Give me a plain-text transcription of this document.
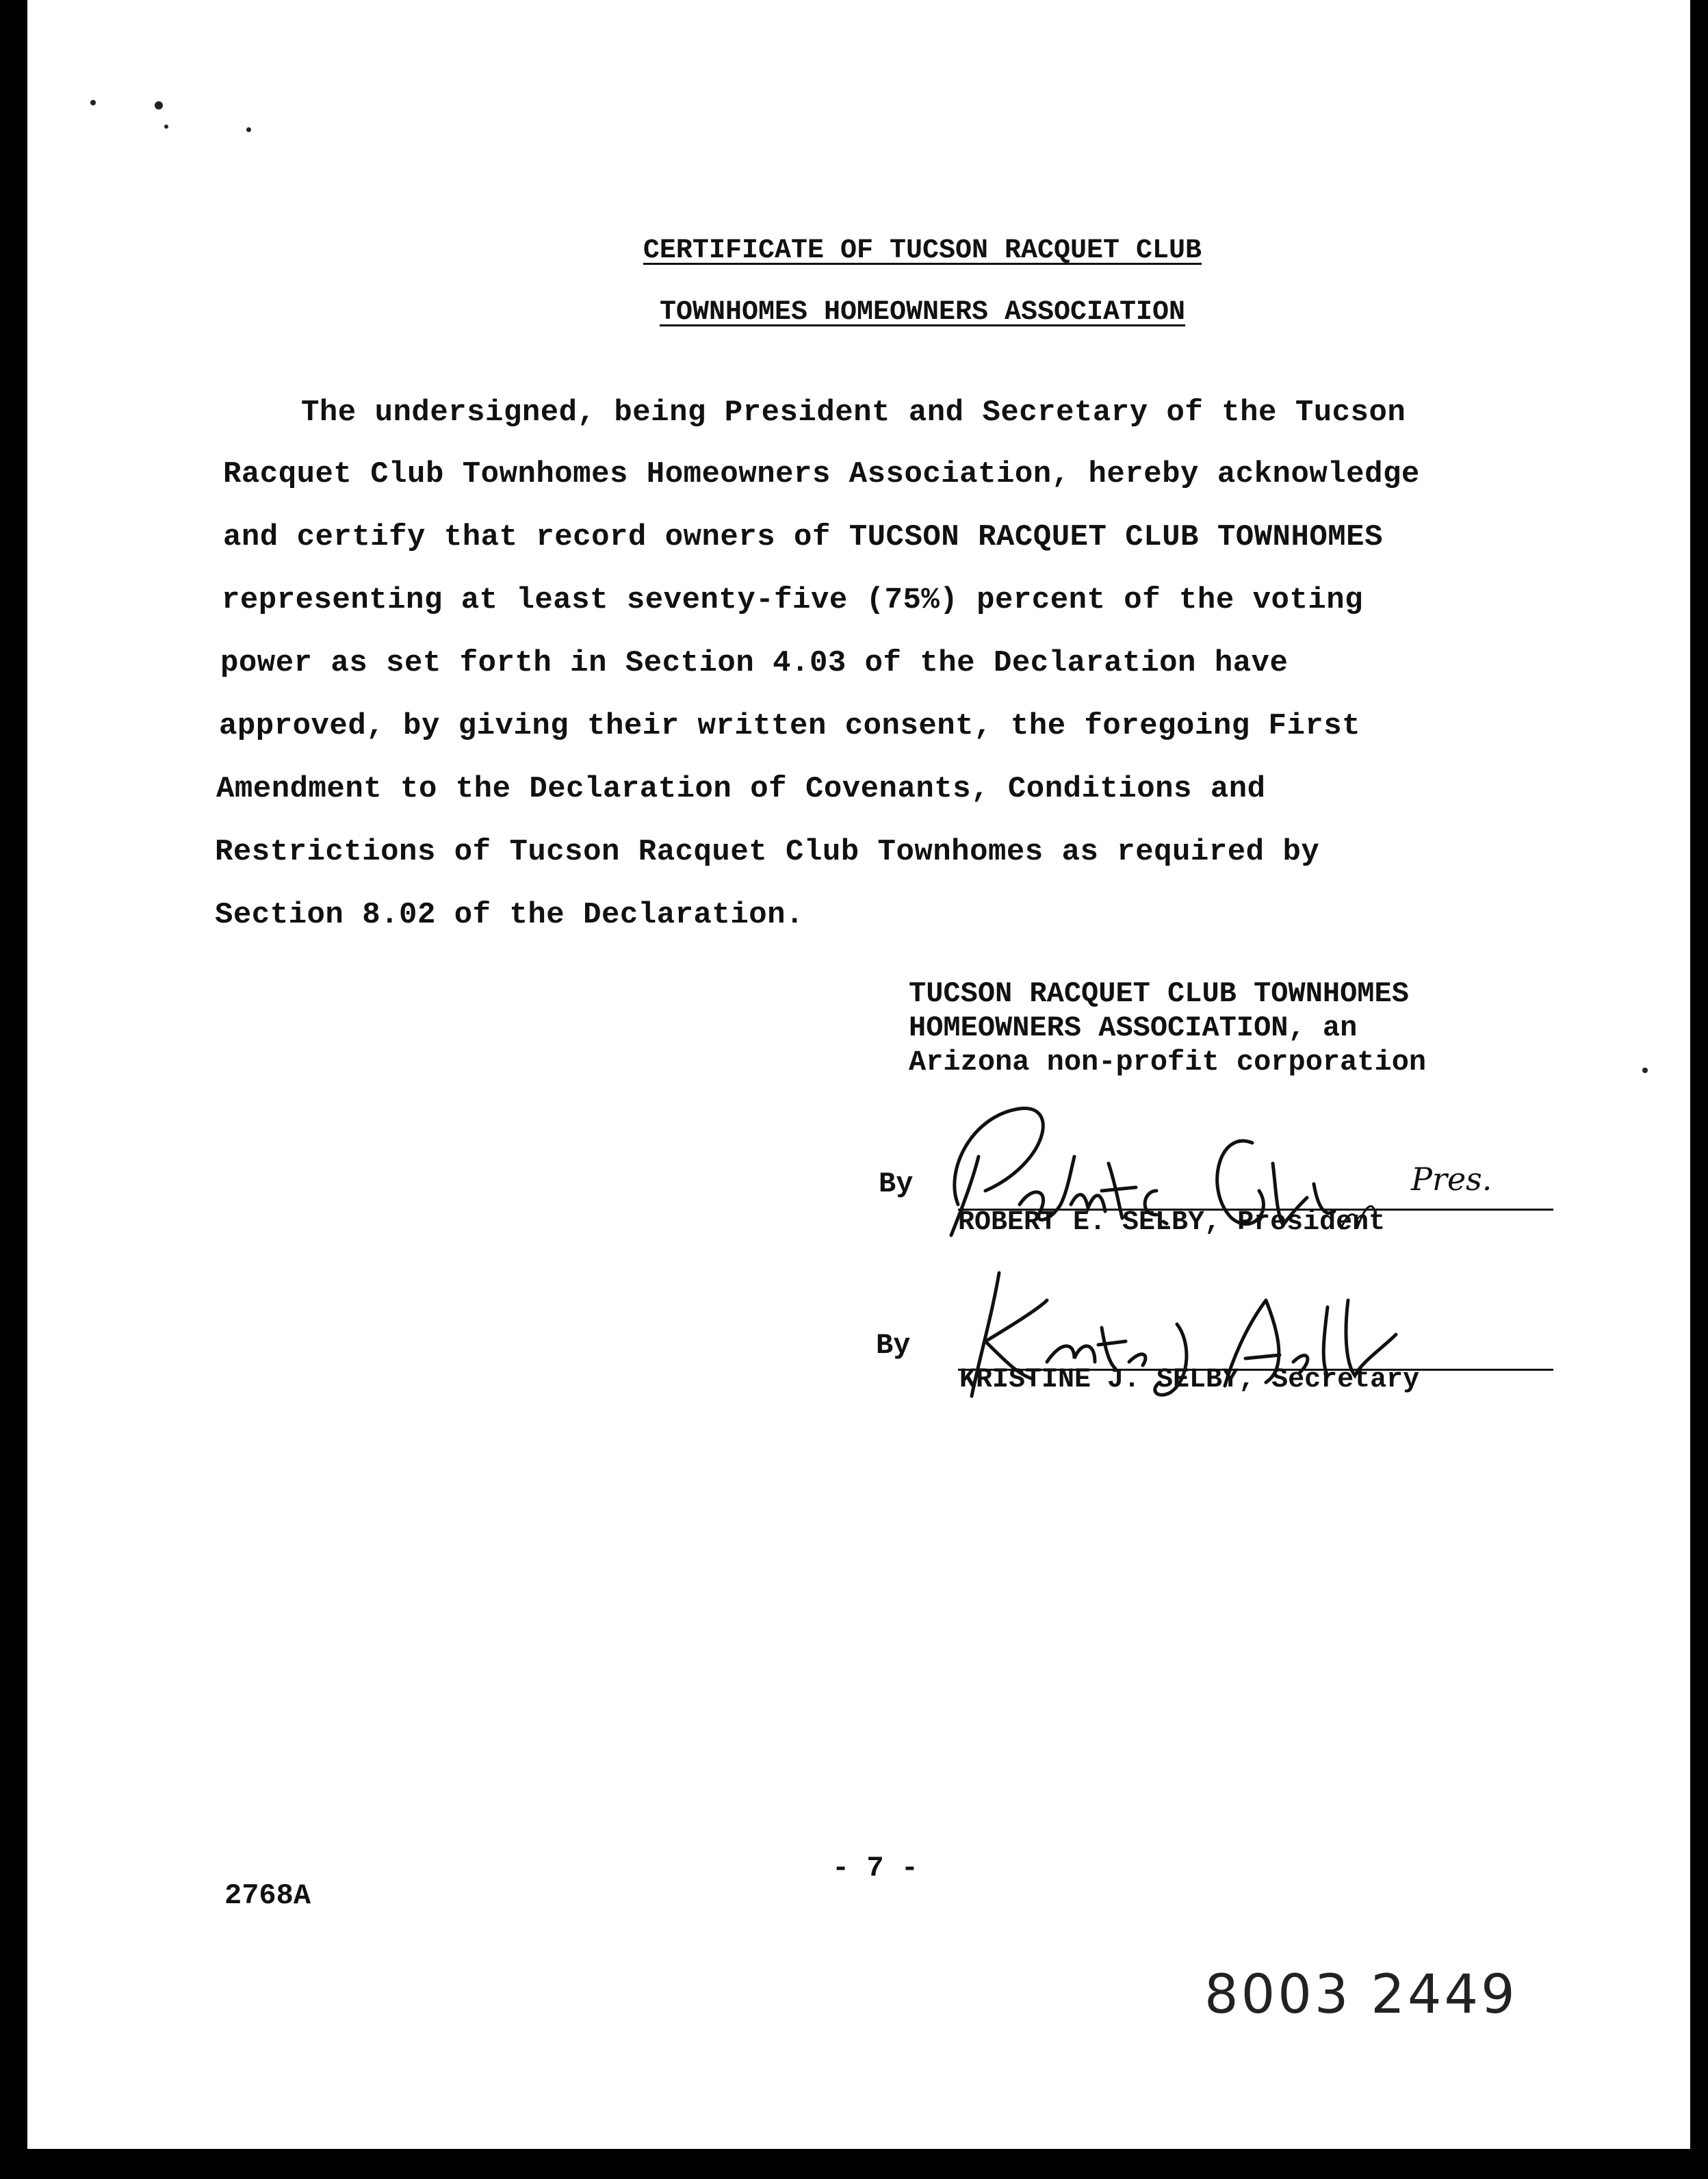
CERTIFICATE OF TUCSON RACQUET CLUB
TOWNHOMES HOMEOWNERS ASSOCIATION
The undersigned, being President and Secretary of the Tucson
Racquet Club Townhomes Homeowners Association, hereby acknowledge
and certify that record owners of TUCSON RACQUET CLUB TOWNHOMES
representing at least seventy-five (75%) percent of the voting
power as set forth in Section 4.03 of the Declaration have
approved, by giving their written consent, the foregoing First
Amendment to the Declaration of Covenants, Conditions and
Restrictions of Tucson Racquet Club Townhomes as required by
Section 8.02 of the Declaration.
TUCSON RACQUET CLUB TOWNHOMES
HOMEOWNERS ASSOCIATION, an
Arizona non-profit corporation
By	Pres.
ROBERT E. SELBY, President
By
KRISTINE J. SELBY, Secretary
- 7 -
2768A
8003 2449
